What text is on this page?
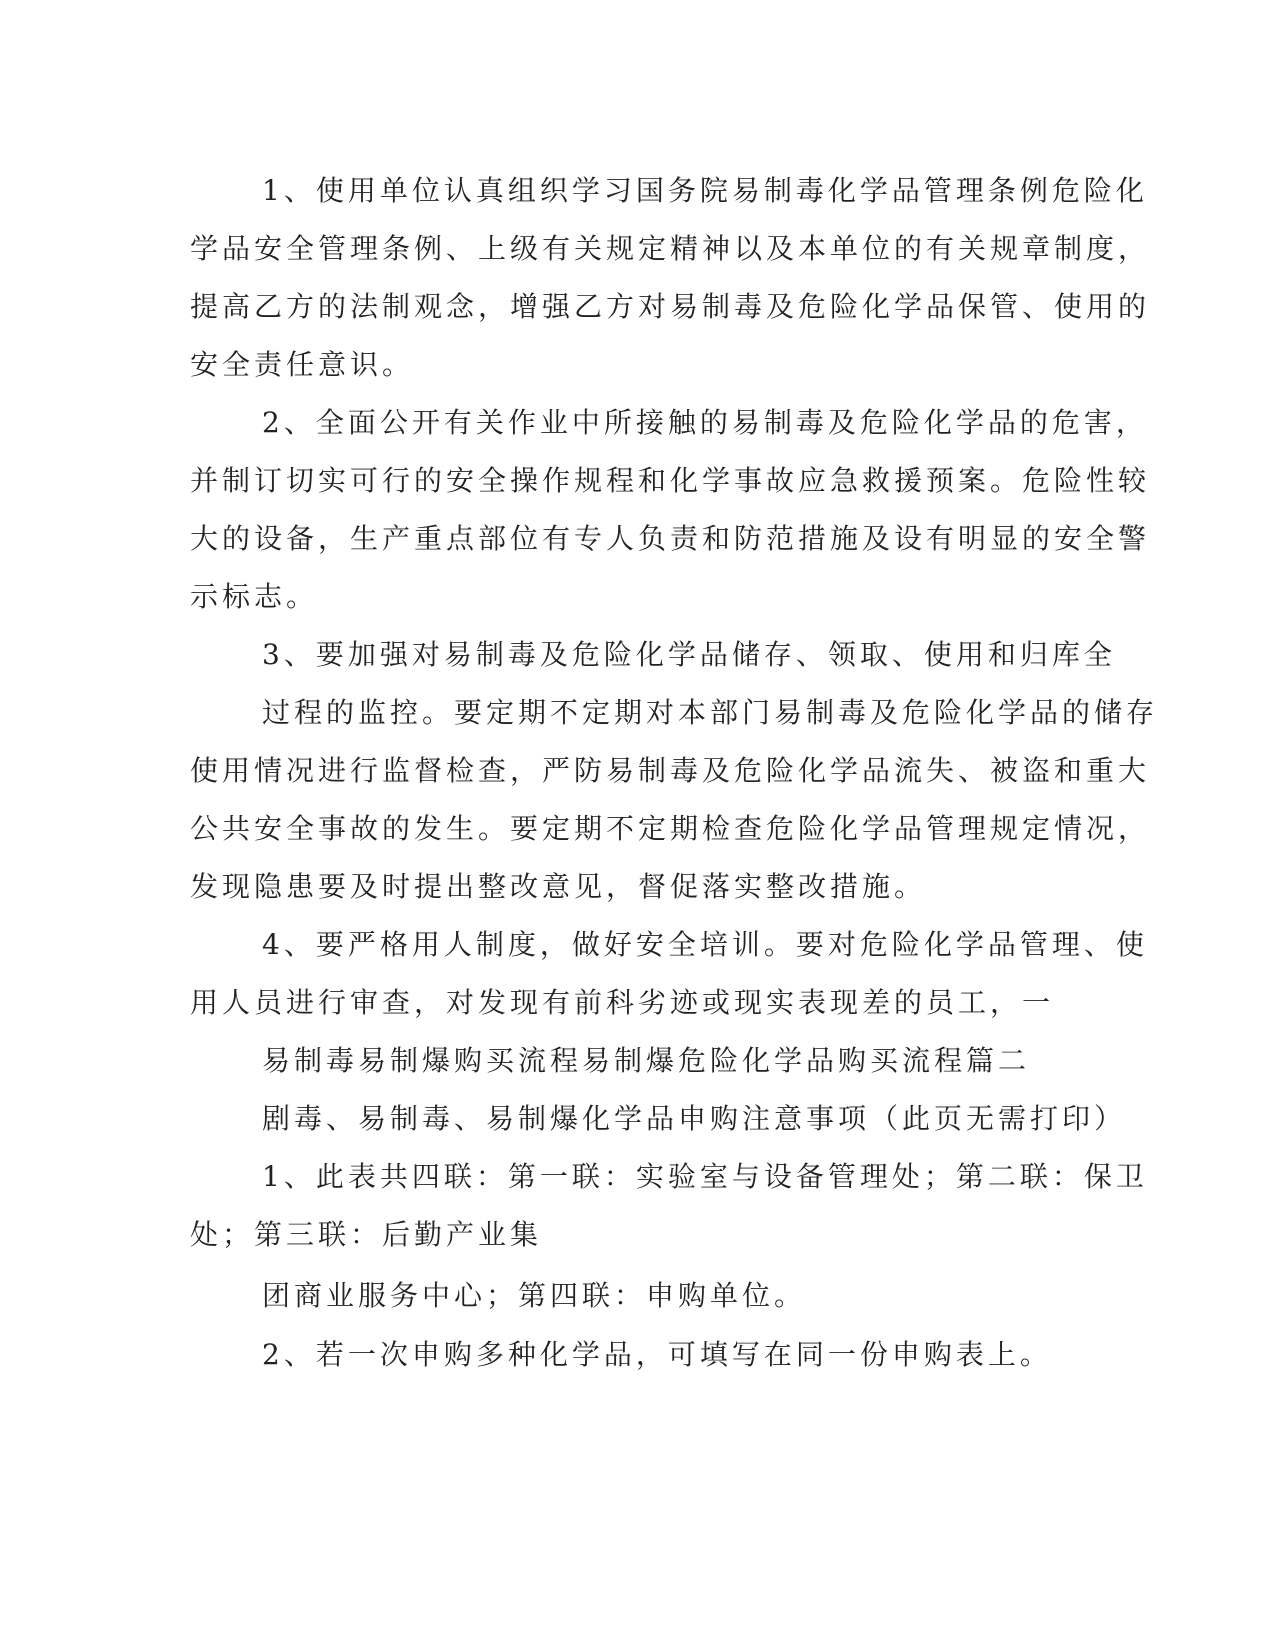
1、使用单位认真组织学习国务院易制毒化学品管理条例危险化

学品安全管理条例、上级有关规定精神以及本单位的有关规章制度，

提高乙方的法制观念，增强乙方对易制毒及危险化学品保管、使用的

安全责任意识。

2、全面公开有关作业中所接触的易制毒及危险化学品的危害，

并制订切实可行的安全操作规程和化学事故应急救援预案。危险性较

大的设备，生产重点部位有专人负责和防范措施及设有明显的安全警

示标志。

3、要加强对易制毒及危险化学品储存、领取、使用和归库全

过程的监控。要定期不定期对本部门易制毒及危险化学品的储存

使用情况进行监督检查，严防易制毒及危险化学品流失、被盗和重大

公共安全事故的发生。要定期不定期检查危险化学品管理规定情况，

发现隐患要及时提出整改意见，督促落实整改措施。

4、要严格用人制度，做好安全培训。要对危险化学品管理、使

用人员进行审查，对发现有前科劣迹或现实表现差的员工，一

易制毒易制爆购买流程易制爆危险化学品购买流程篇二

剧毒、易制毒、易制爆化学品申购注意事项（此页无需打印）

1、此表共四联：第一联：实验室与设备管理处；第二联：保卫

处；第三联：后勤产业集

团商业服务中心；第四联：申购单位。

2、若一次申购多种化学品，可填写在同一份申购表上。
